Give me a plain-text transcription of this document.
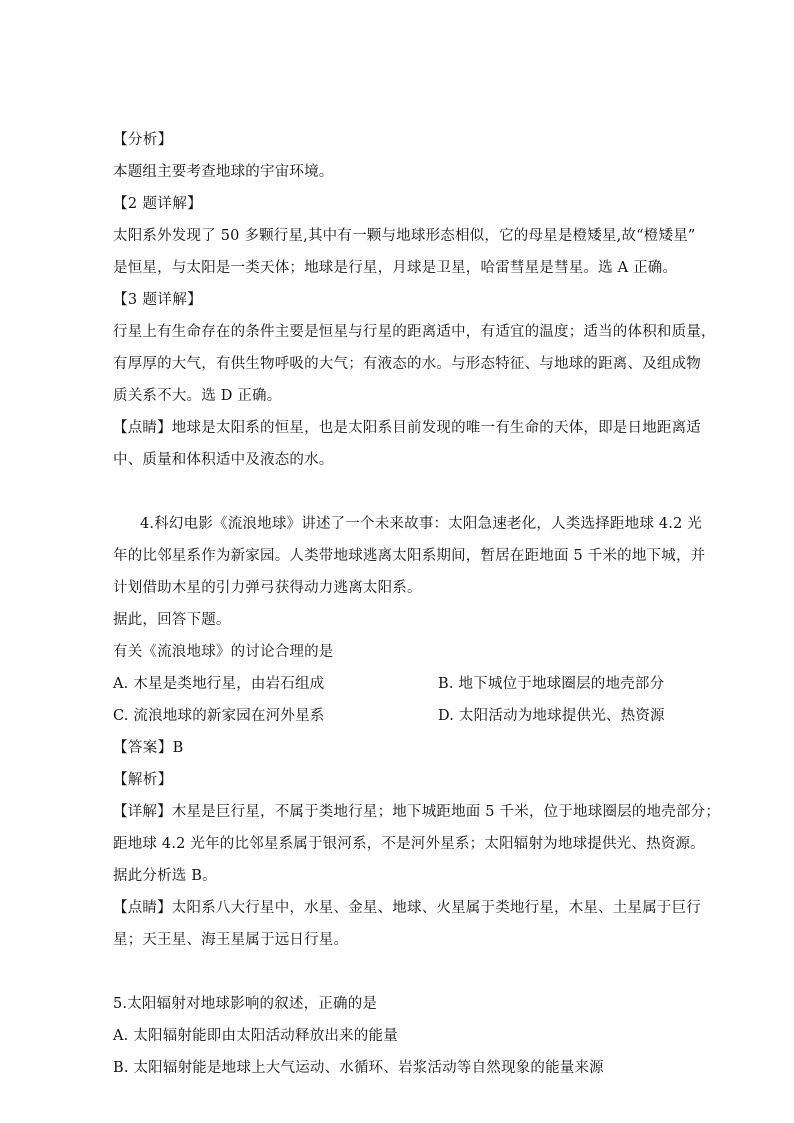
【分析】
本题组主要考查地球的宇宙环境。
【2 题详解】
太阳系外发现了 50 多颗行星,其中有一颗与地球形态相似，它的母星是橙矮星,故“橙矮星”
是恒星，与太阳是一类天体；地球是行星，月球是卫星，哈雷彗星是彗星。选 A 正确。
【3 题详解】
行星上有生命存在的条件主要是恒星与行星的距离适中，有适宜的温度；适当的体积和质量，
有厚厚的大气，有供生物呼吸的大气；有液态的水。与形态特征、与地球的距离、及组成物
质关系不大。选 D 正确。
【点睛】地球是太阳系的恒星，也是太阳系目前发现的唯一有生命的天体，即是日地距离适
中、质量和体积适中及液态的水。
4.科幻电影《流浪地球》讲述了一个未来故事：太阳急速老化，人类选择距地球 4.2 光
年的比邻星系作为新家园。人类带地球逃离太阳系期间，暂居在距地面 5 千米的地下城，并
计划借助木星的引力弹弓获得动力逃离太阳系。
据此，回答下题。
有关《流浪地球》的讨论合理的是
A. 木星是类地行星，由岩石组成	B. 地下城位于地球圈层的地壳部分
C. 流浪地球的新家园在河外星系	D. 太阳活动为地球提供光、热资源
【答案】B
【解析】
【详解】木星是巨行星，不属于类地行星；地下城距地面 5 千米，位于地球圈层的地壳部分；
距地球 4.2 光年的比邻星系属于银河系，不是河外星系；太阳辐射为地球提供光、热资源。
据此分析选 B。
【点睛】太阳系八大行星中，水星、金星、地球、火星属于类地行星，木星、土星属于巨行
星；天王星、海王星属于远日行星。
5.太阳辐射对地球影响的叙述，正确的是
A. 太阳辐射能即由太阳活动释放出来的能量
B. 太阳辐射能是地球上大气运动、水循环、岩浆活动等自然现象的能量来源
